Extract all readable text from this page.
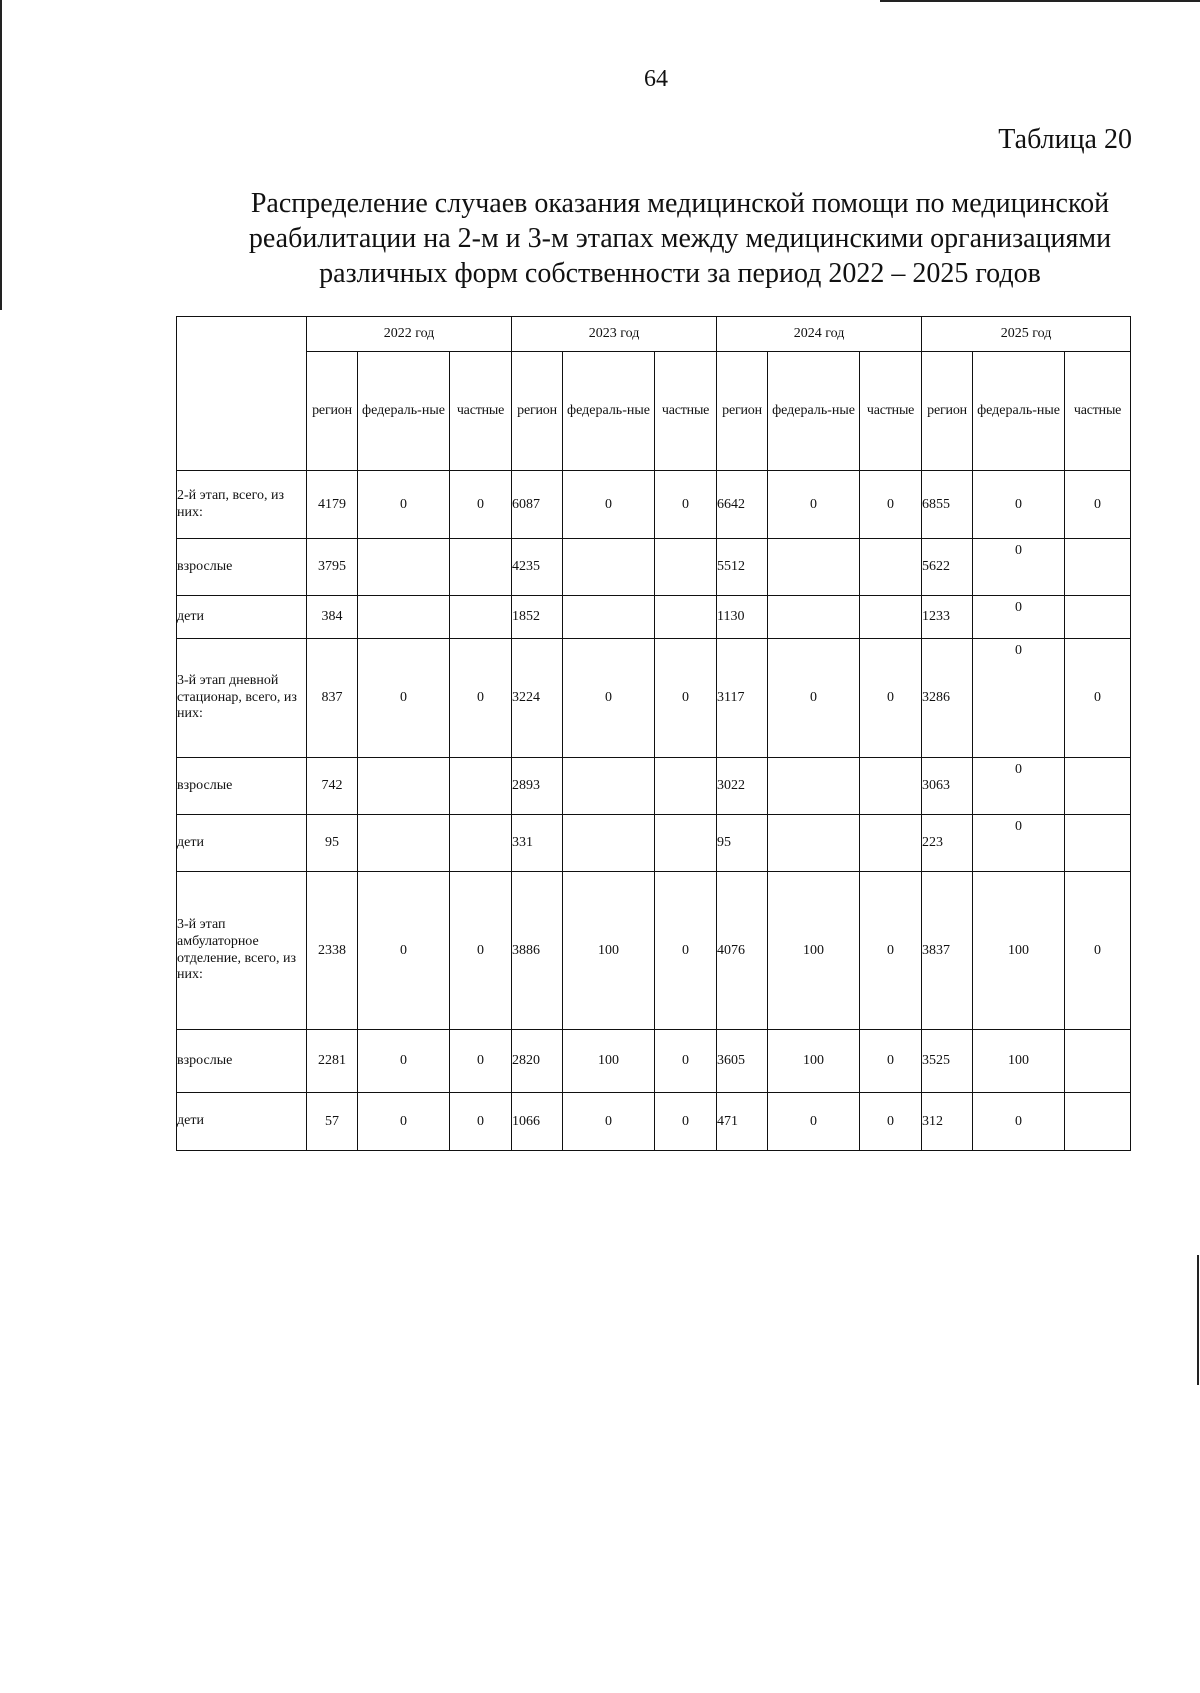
64
Таблица 20
Распределение случаев оказания медицинской помощи по медицинской
реабилитации на 2-м и 3-м этапах между медицинскими организациями
различных форм собственности за период 2022 – 2025 годов
	2022 год			2023 год			2024 год			2025 год		
	регион	федераль-ные	частные	регион	федераль-ные	частные	регион	федераль-ные	частные	регион	федераль-ные	частные
2-й этап, всего, из них:	4179	0	0	6087	0	0	6642	0	0	6855	0	0
взрослые	3795			4235			5512			5622	0	
дети	384			1852			1130			1233	0	
3-й этап дневной стационар, всего, из них:	837	0	0	3224	0	0	3117	0	0	3286	0	0
взрослые	742			2893			3022			3063	0	
дети	95			331			95			223	0	
3-й этап амбулаторное отделение, всего, из них:	2338	0	0	3886	100	0	4076	100	0	3837	100	0
взрослые	2281	0	0	2820	100	0	3605	100	0	3525	100	
дети	57	0	0	1066	0	0	471	0	0	312	0	
